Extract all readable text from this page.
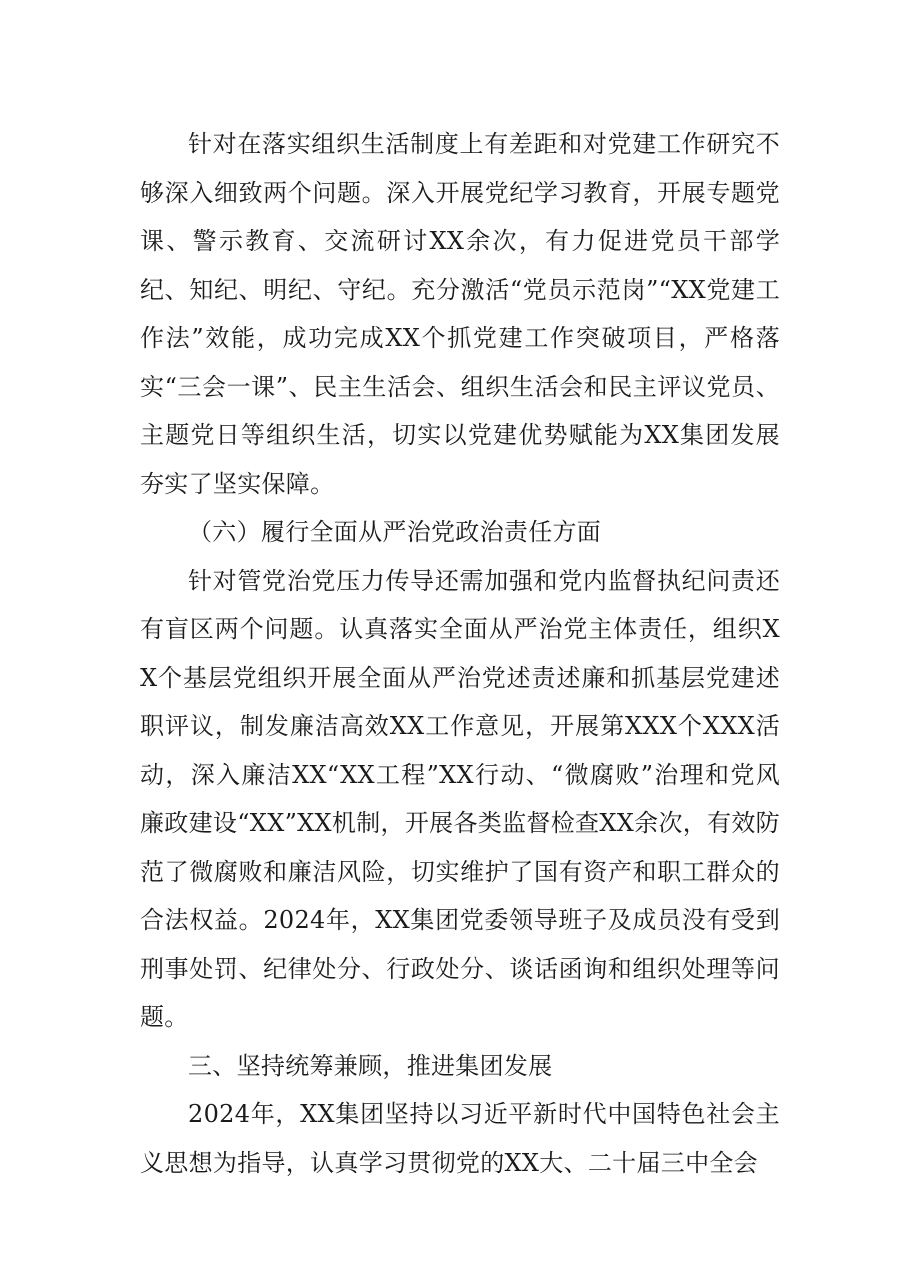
针对在落实组织生活制度上有差距和对党建工作研究不够深入细致两个问题。深入开展党纪学习教育，开展专题党课、警示教育、交流研讨XX余次，有力促进党员干部学纪、知纪、明纪、守纪。充分激活“党员示范岗”“XX党建工作法”效能，成功完成XX个抓党建工作突破项目，严格落实“三会一课”、民主生活会、组织生活会和民主评议党员、主题党日等组织生活，切实以党建优势赋能为XX集团发展夯实了坚实保障。

（六）履行全面从严治党政治责任方面

针对管党治党压力传导还需加强和党内监督执纪问责还有盲区两个问题。认真落实全面从严治党主体责任，组织XX个基层党组织开展全面从严治党述责述廉和抓基层党建述职评议，制发廉洁高效XX工作意见，开展第XXX个XXX活动，深入廉洁XX“XX工程”XX行动、“微腐败”治理和党风廉政建设“XX”XX机制，开展各类监督检查XX余次，有效防范了微腐败和廉洁风险，切实维护了国有资产和职工群众的合法权益。2024年，XX集团党委领导班子及成员没有受到刑事处罚、纪律处分、行政处分、谈话函询和组织处理等问题。

三、坚持统筹兼顾，推进集团发展

2024年，XX集团坚持以习近平新时代中国特色社会主义思想为指导，认真学习贯彻党的XX大、二十届三中全会
